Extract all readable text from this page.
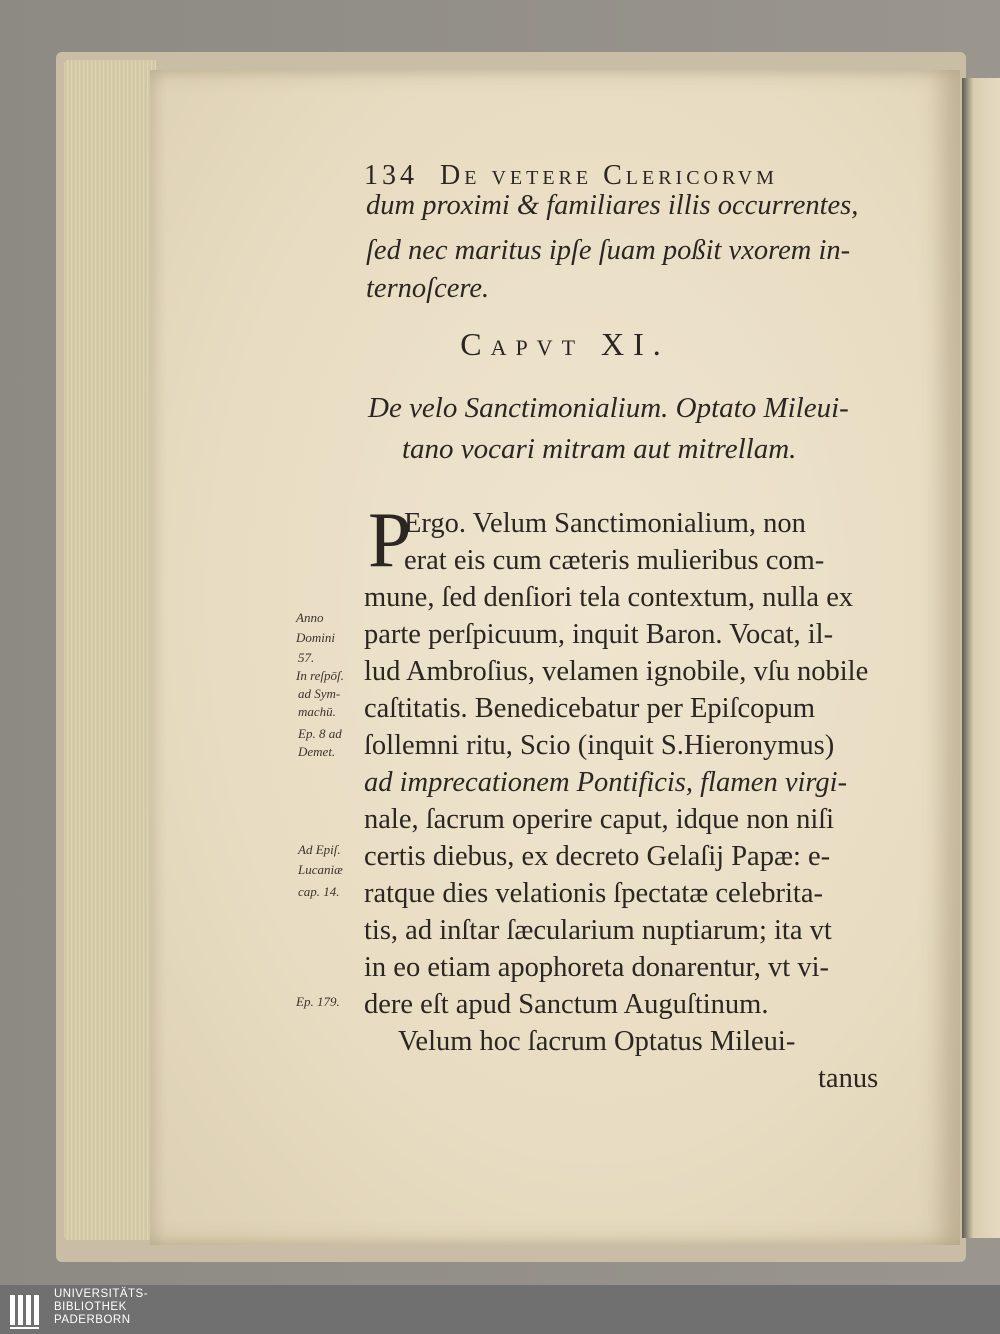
134 De vetere Clericorvm
dum proximi & familiares illis occurrentes,
ſed nec maritus ipſe ſuam poßit vxorem in-
ternoſcere.
Capvt XI.
De velo Sanctimonialium. Optato Mileui-
tano vocari mitram aut mitrellam.
P
Ergo. Velum Sanctimonialium, non
erat eis cum cæteris mulieribus com-
mune, ſed denſiori tela contextum, nulla ex
parte perſpicuum, inquit Baron. Vocat, il-
lud Ambroſius, velamen ignobile, vſu nobile
caſtitatis. Benedicebatur per Epiſcopum
ſollemni ritu, Scio (inquit S.Hieronymus)
ad imprecationem Pontificis, flamen virgi-
nale, ſacrum operire caput, idque non niſi
certis diebus, ex decreto Gelaſij Papæ: e-
ratque dies velationis ſpectatæ celebrita-
tis, ad inſtar ſæcularium nuptiarum; ita vt
in eo etiam apophoreta donarentur, vt vi-
dere eſt apud Sanctum Auguſtinum.
Velum hoc ſacrum Optatus Mileui-
tanus
Anno
Domini
57.
In reſpōſ.
ad Sym-
machū.
Ep. 8 ad
Demet.
Ad Epiſ.
Lucaniæ
cap. 14.
Ep. 179.
UNIVERSITÄTS-
BIBLIOTHEK
PADERBORN
